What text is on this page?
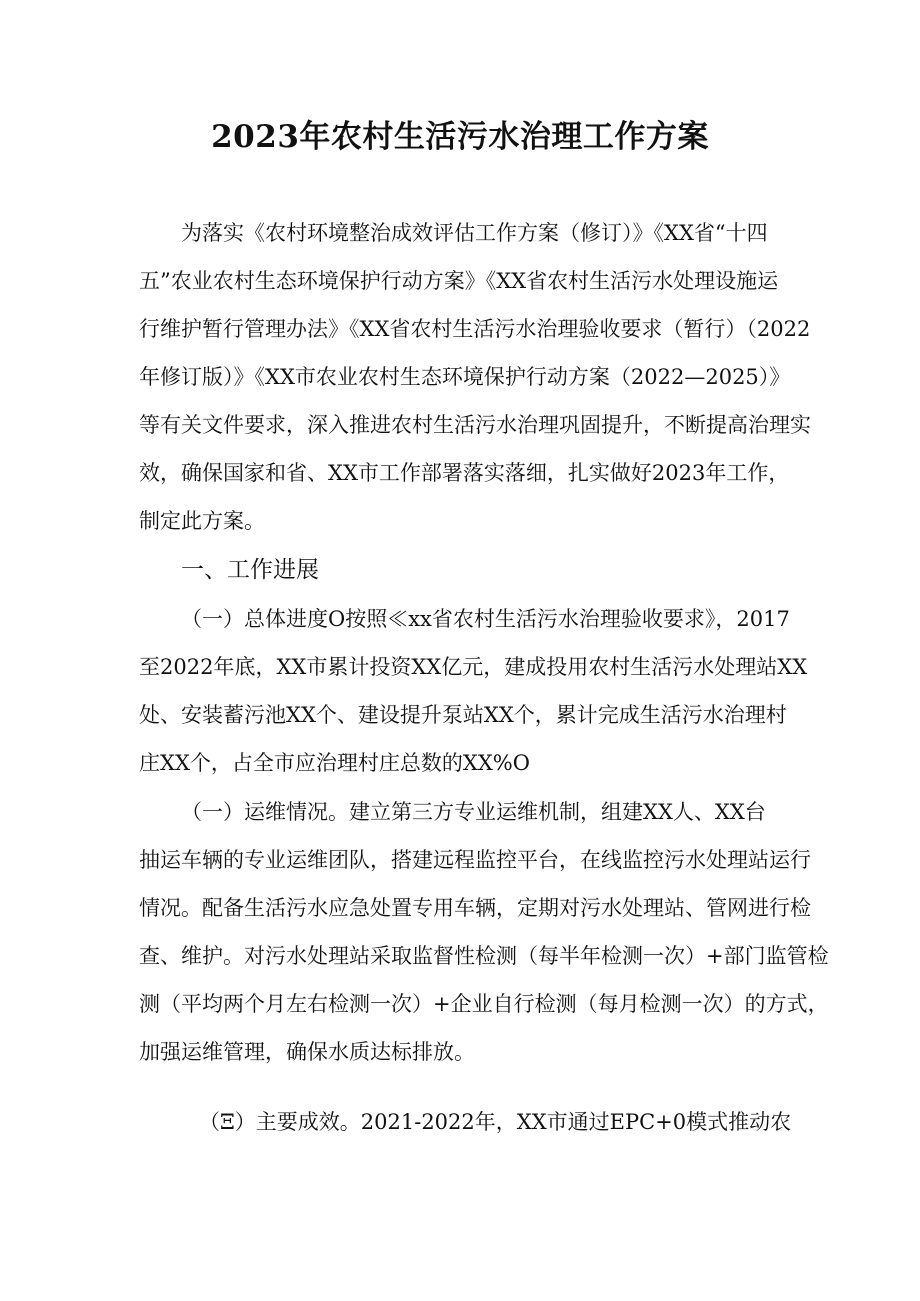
2023年农村生活污水治理工作方案

为落实《农村环境整治成效评估工作方案（修订）》《XX省“十四

五”农业农村生态环境保护行动方案》《XX省农村生活污水处理设施运

行维护暂行管理办法》《XX省农村生活污水治理验收要求（暂行）（2022

年修订版）》《XX市农业农村生态环境保护行动方案（2022—2025）》

等有关文件要求，深入推进农村生活污水治理巩固提升，不断提高治理实

效，确保国家和省、XX市工作部署落实落细，扎实做好2023年工作，

制定此方案。

一、工作进展

（一）总体进度O按照≪xx省农村生活污水治理验收要求》，2017

至2022年底，XX市累计投资XX亿元，建成投用农村生活污水处理站XX

处、安装蓄污池XX个、建设提升泵站XX个，累计完成生活污水治理村

庄XX个，占全市应治理村庄总数的XX%O

（一）运维情况。建立第三方专业运维机制，组建XX人、XX台

抽运车辆的专业运维团队，搭建远程监控平台，在线监控污水处理站运行

情况。配备生活污水应急处置专用车辆，定期对污水处理站、管网进行检

查、维护。对污水处理站采取监督性检测（每半年检测一次）+部门监管检

测（平均两个月左右检测一次）+企业自行检测（每月检测一次）的方式，

加强运维管理，确保水质达标排放。

（Ξ）主要成效。2021-2022年，XX市通过EPC+0模式推动农
